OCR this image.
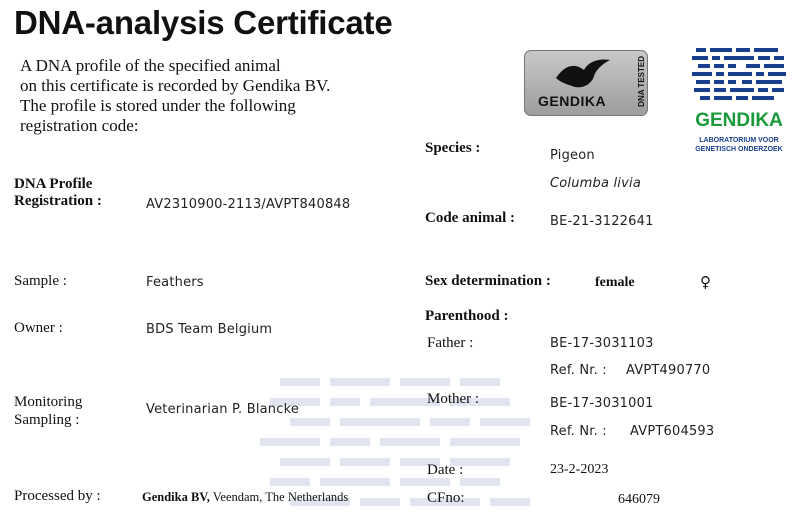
DNA-analysis Certificate
A DNA profile of the specified animal
on this certificate is recorded by Gendika BV.
The profile is stored under the following
registration code:
GENDIKA	DNA TESTED
GENDIKA
LABORATORIUM VOOR
GENETISCH ONDERZOEK
DNA Profile
Registration :	AV2310900-2113/AVPT840848
Sample :	Feathers
Owner :	BDS Team Belgium
Monitoring
Sampling :
Veterinarian P. Blancke
Processed by :	Gendika BV, Veendam, The Netherlands
Species :	Pigeon
Columba livia
Code animal :	BE-21-3122641
Sex determination :	female	♀
Parenthood :
Father :	BE-17-3031103
Ref. Nr. : AVPT490770
Mother :	BE-17-3031001
Ref. Nr. : AVPT604593
Date :	23-2-2023
CFno:	646079
